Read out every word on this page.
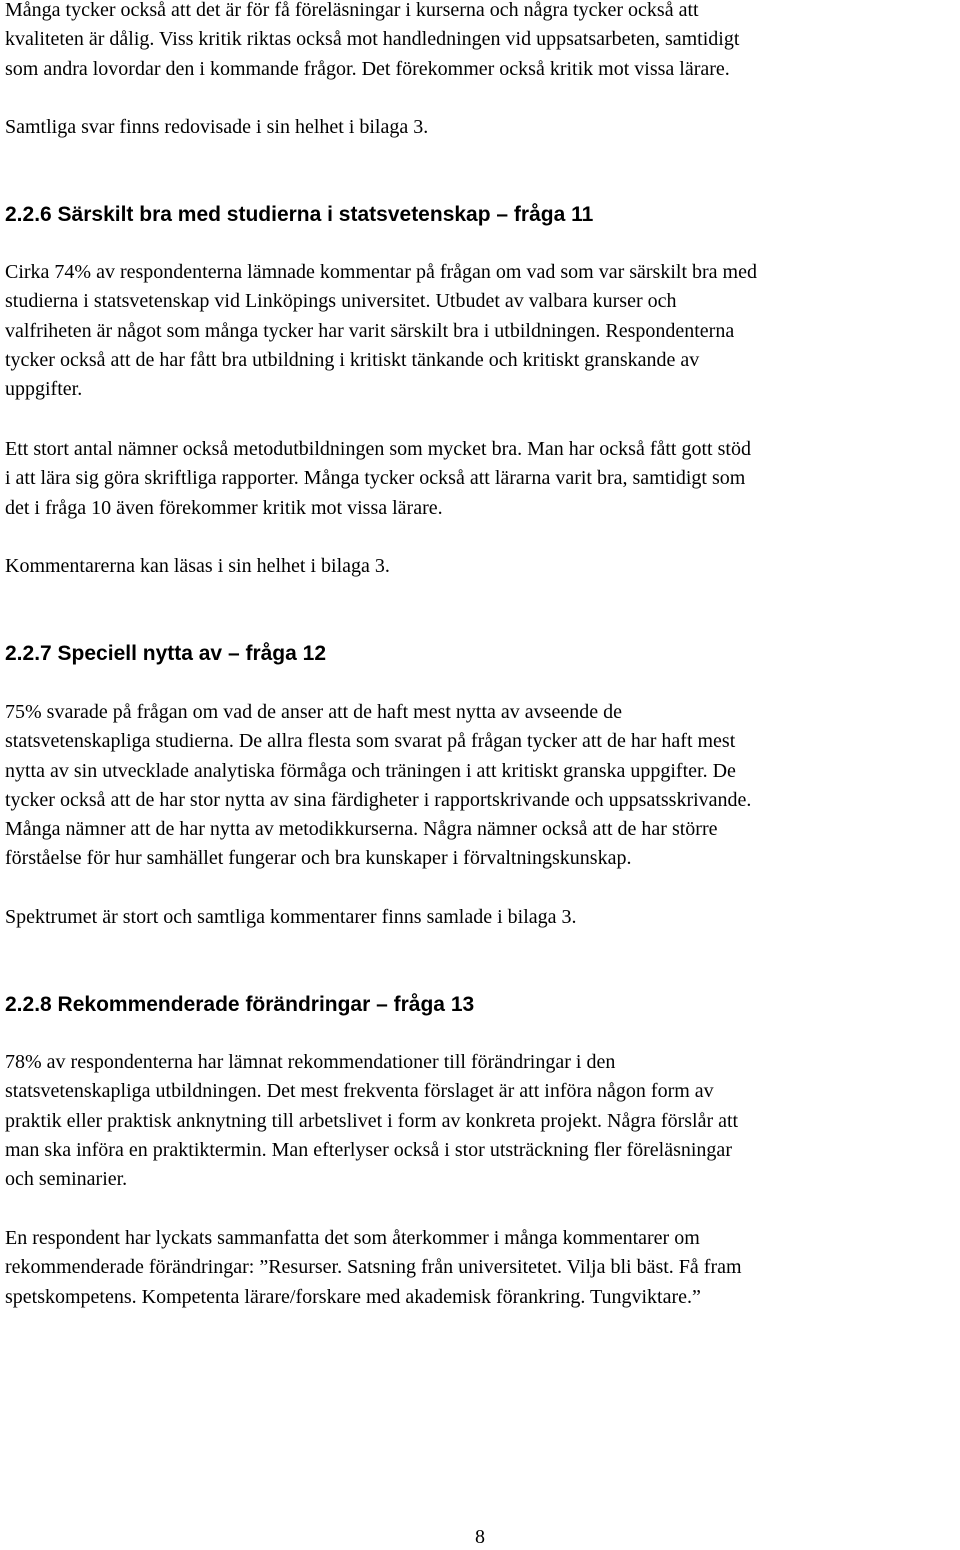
Många tycker också att det är för få föreläsningar i kurserna och några tycker också att
kvaliteten är dålig. Viss kritik riktas också mot handledningen vid uppsatsarbeten, samtidigt
som andra lovordar den i kommande frågor. Det förekommer också kritik mot vissa lärare.

Samtliga svar finns redovisade i sin helhet i bilaga 3.

2.2.6 Särskilt bra med studierna i statsvetenskap – fråga 11

Cirka 74% av respondenterna lämnade kommentar på frågan om vad som var särskilt bra med
studierna i statsvetenskap vid Linköpings universitet. Utbudet av valbara kurser och
valfriheten är något som många tycker har varit särskilt bra i utbildningen. Respondenterna
tycker också att de har fått bra utbildning i kritiskt tänkande och kritiskt granskande av
uppgifter.

Ett stort antal nämner också metodutbildningen som mycket bra. Man har också fått gott stöd
i att lära sig göra skriftliga rapporter. Många tycker också att lärarna varit bra, samtidigt som
det i fråga 10 även förekommer kritik mot vissa lärare.

Kommentarerna kan läsas i sin helhet i bilaga 3.

2.2.7 Speciell nytta av – fråga 12

75% svarade på frågan om vad de anser att de haft mest nytta av avseende de
statsvetenskapliga studierna. De allra flesta som svarat på frågan tycker att de har haft mest
nytta av sin utvecklade analytiska förmåga och träningen i att kritiskt granska uppgifter. De
tycker också att de har stor nytta av sina färdigheter i rapportskrivande och uppsatsskrivande.
Många nämner att de har nytta av metodikkurserna. Några nämner också att de har större
förståelse för hur samhället fungerar och bra kunskaper i förvaltningskunskap.

Spektrumet är stort och samtliga kommentarer finns samlade i bilaga 3.

2.2.8 Rekommenderade förändringar – fråga 13

78% av respondenterna har lämnat rekommendationer till förändringar i den
statsvetenskapliga utbildningen. Det mest frekventa förslaget är att införa någon form av
praktik eller praktisk anknytning till arbetslivet i form av konkreta projekt. Några förslår att
man ska införa en praktiktermin. Man efterlyser också i stor utsträckning fler föreläsningar
och seminarier.

En respondent har lyckats sammanfatta det som återkommer i många kommentarer om
rekommenderade förändringar: ”Resurser. Satsning från universitetet. Vilja bli bäst. Få fram
spetskompetens. Kompetenta lärare/forskare med akademisk förankring. Tungviktare.”

8
